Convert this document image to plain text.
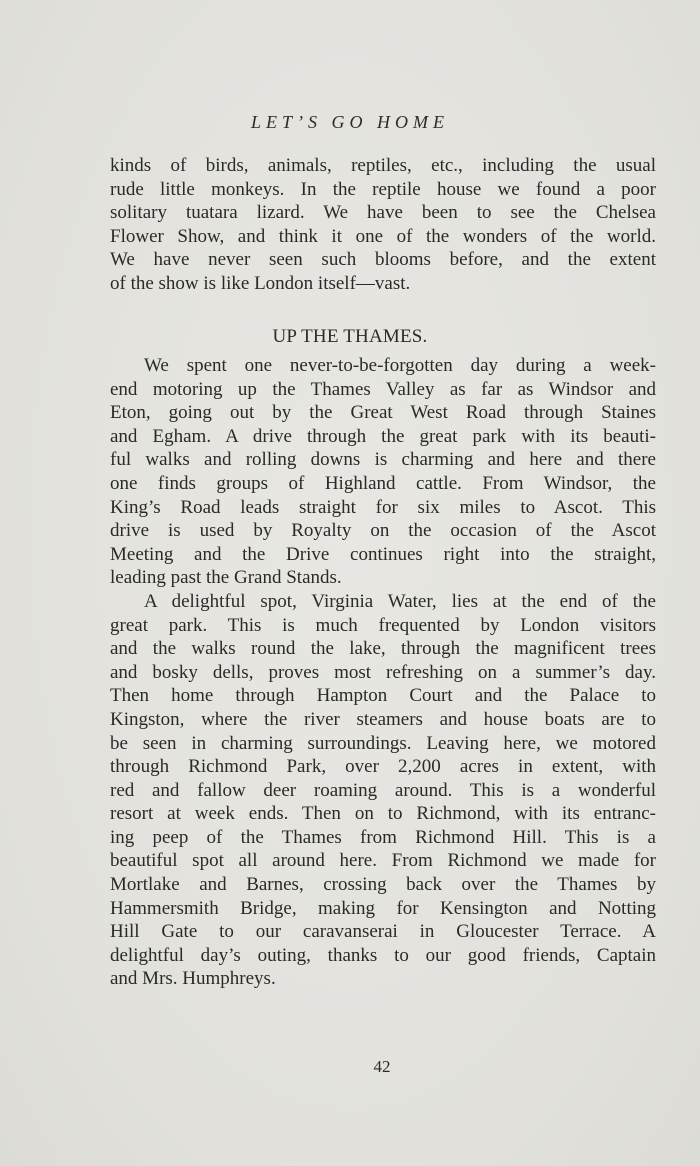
LET’S GO HOME
kinds of birds, animals, reptiles, etc., including the usual
rude little monkeys. In the reptile house we found a poor
solitary tuatara lizard. We have been to see the Chelsea
Flower Show, and think it one of the wonders of the world.
We have never seen such blooms before, and the extent
of the show is like London itself—vast.
UP THE THAMES.
We spent one never-to-be-forgotten day during a week-
end motoring up the Thames Valley as far as Windsor and
Eton, going out by the Great West Road through Staines
and Egham. A drive through the great park with its beauti-
ful walks and rolling downs is charming and here and there
one finds groups of Highland cattle. From Windsor, the
King’s Road leads straight for six miles to Ascot. This
drive is used by Royalty on the occasion of the Ascot
Meeting and the Drive continues right into the straight,
leading past the Grand Stands.
A delightful spot, Virginia Water, lies at the end of the
great park. This is much frequented by London visitors
and the walks round the lake, through the magnificent trees
and bosky dells, proves most refreshing on a summer’s day.
Then home through Hampton Court and the Palace to
Kingston, where the river steamers and house boats are to
be seen in charming surroundings. Leaving here, we motored
through Richmond Park, over 2,200 acres in extent, with
red and fallow deer roaming around. This is a wonderful
resort at week ends. Then on to Richmond, with its entranc-
ing peep of the Thames from Richmond Hill. This is a
beautiful spot all around here. From Richmond we made for
Mortlake and Barnes, crossing back over the Thames by
Hammersmith Bridge, making for Kensington and Notting
Hill Gate to our caravanserai in Gloucester Terrace. A
delightful day’s outing, thanks to our good friends, Captain
and Mrs. Humphreys.
42
